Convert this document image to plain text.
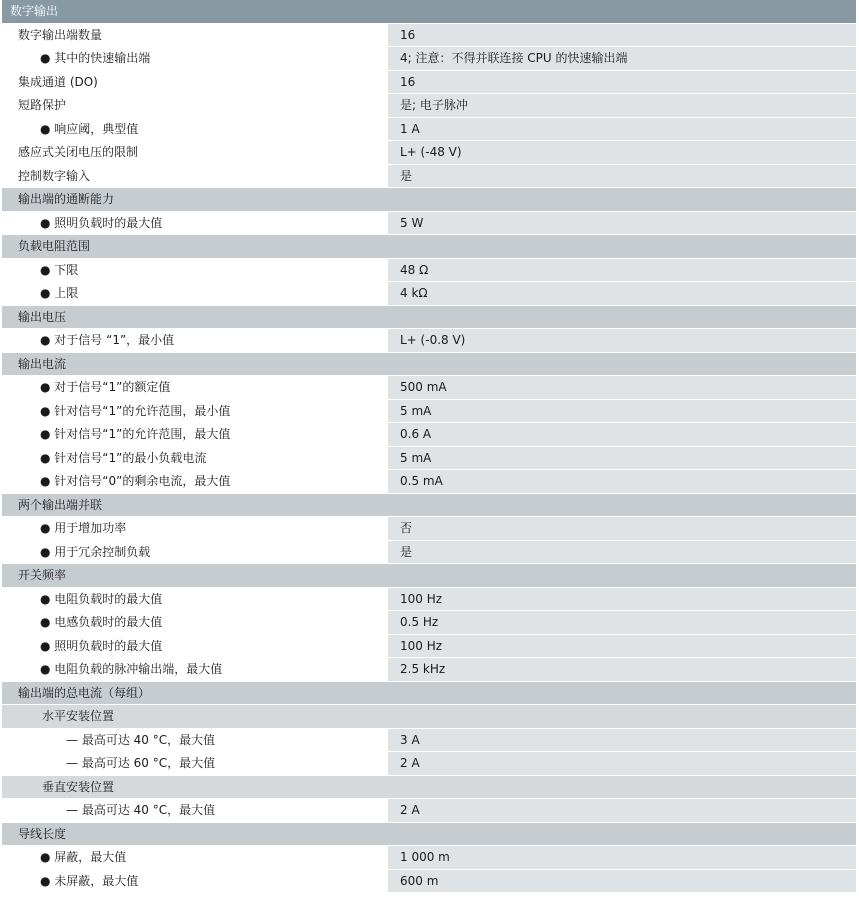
数字输出
数字输出端数量	16
● 其中的快速输出端	4; 注意：不得并联连接 CPU 的快速输出端
集成通道 (DO)	16
短路保护	是; 电子脉冲
● 响应阈，典型值	1 A
感应式关闭电压的限制	L+ (-48 V)
控制数字输入	是
输出端的通断能力
● 照明负载时的最大值	5 W
负载电阻范围
● 下限	48 Ω
● 上限	4 kΩ
输出电压
● 对于信号 “1”，最小值	L+ (-0.8 V)
输出电流
● 对于信号“1”的额定值	500 mA
● 针对信号“1”的允许范围，最小值	5 mA
● 针对信号“1”的允许范围，最大值	0.6 A
● 针对信号“1”的最小负载电流	5 mA
● 针对信号“0”的剩余电流，最大值	0.5 mA
两个输出端并联
● 用于增加功率	否
● 用于冗余控制负载	是
开关频率
● 电阻负载时的最大值	100 Hz
● 电感负载时的最大值	0.5 Hz
● 照明负载时的最大值	100 Hz
● 电阻负载的脉冲输出端，最大值	2.5 kHz
输出端的总电流（每组）
水平安装位置
— 最高可达 40 °C，最大值	3 A
— 最高可达 60 °C，最大值	2 A
垂直安装位置
— 最高可达 40 °C，最大值	2 A
导线长度
● 屏蔽，最大值	1 000 m
● 未屏蔽，最大值	600 m
